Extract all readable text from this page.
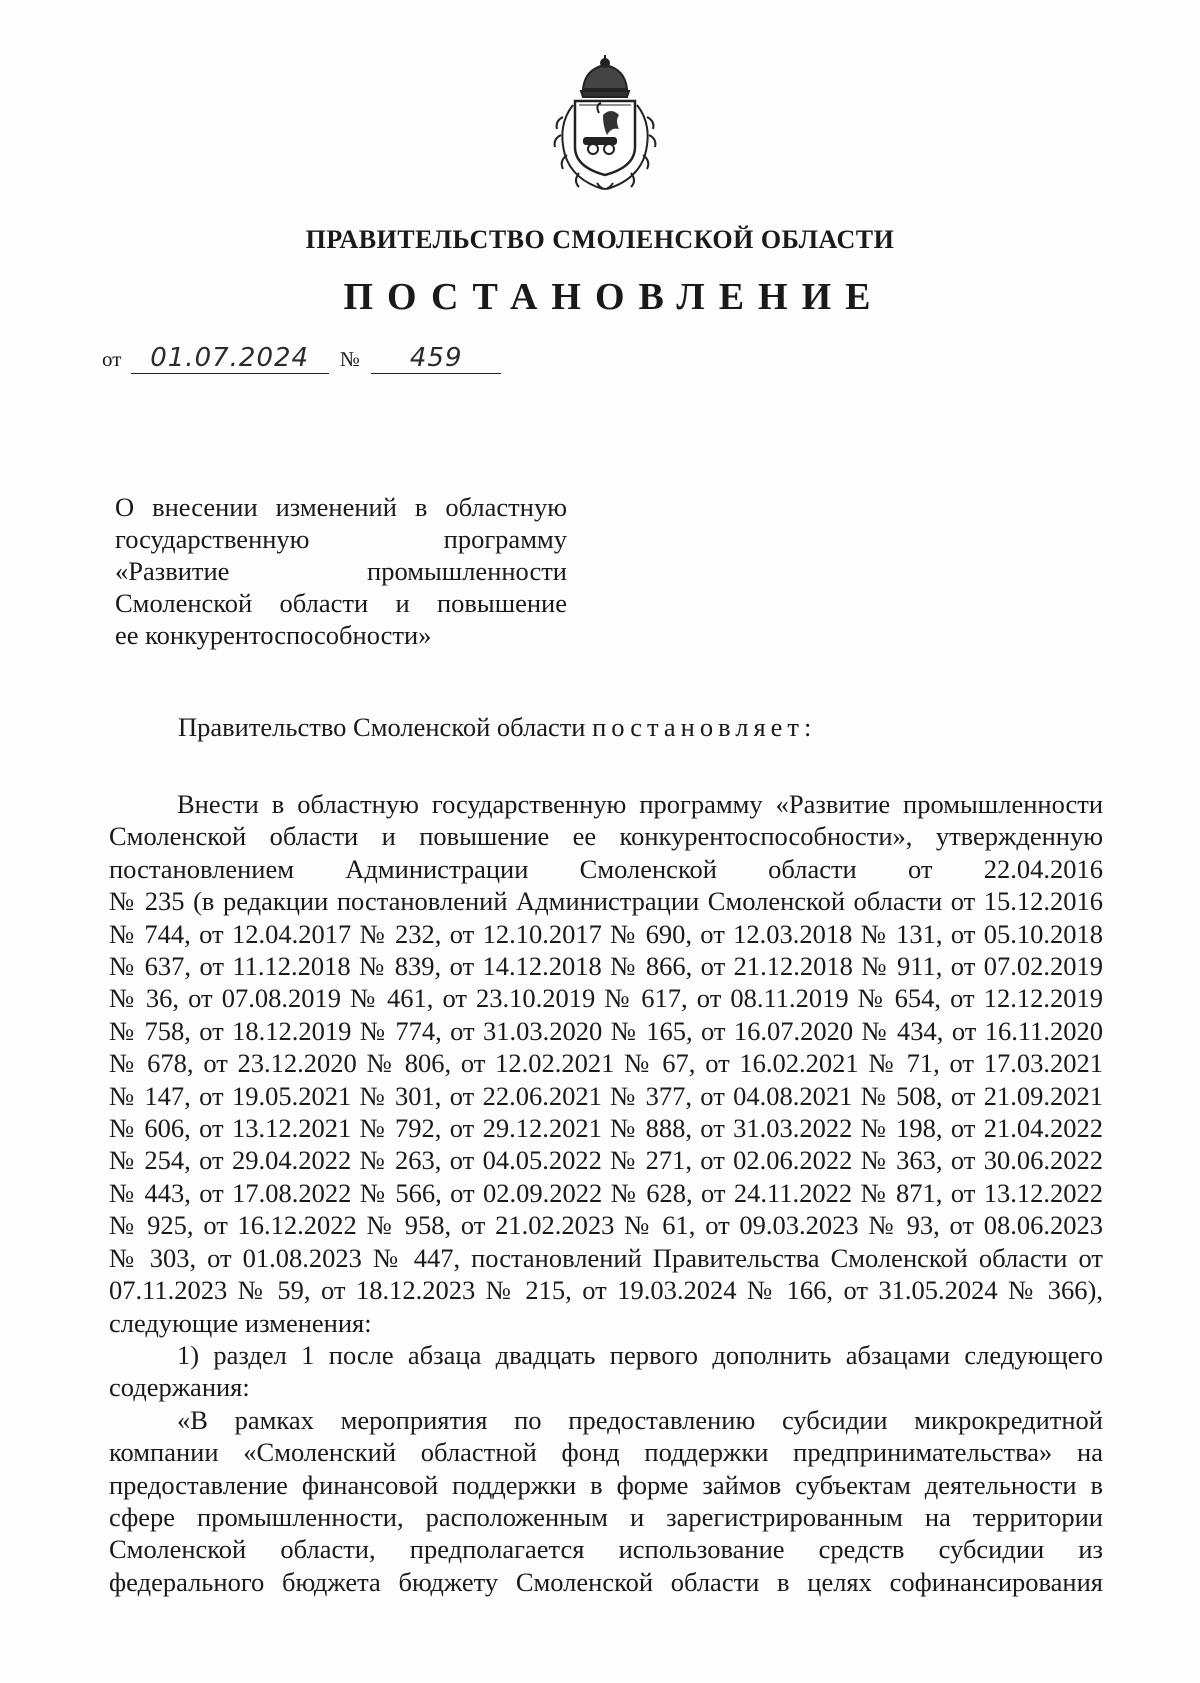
ПРАВИТЕЛЬСТВО СМОЛЕНСКОЙ ОБЛАСТИ
ПОСТАНОВЛЕНИЕ
от 01.07.2024 № 459
О внесении изменений в областную
государственную программу
«Развитие промышленности
Смоленской области и повышение
ее конкурентоспособности»
Правительство Смоленской области постановляет:
Внести в областную государственную программу «Развитие промышленности
Смоленской области и повышение ее конкурентоспособности», утвержденную
постановлением Администрации Смоленской области от 22.04.2016
№ 235 (в редакции постановлений Администрации Смоленской области от 15.12.2016
№ 744, от 12.04.2017 № 232, от 12.10.2017 № 690, от 12.03.2018 № 131, от 05.10.2018
№ 637, от 11.12.2018 № 839, от 14.12.2018 № 866, от 21.12.2018 № 911, от 07.02.2019
№ 36, от 07.08.2019 № 461, от 23.10.2019 № 617, от 08.11.2019 № 654, от 12.12.2019
№ 758, от 18.12.2019 № 774, от 31.03.2020 № 165, от 16.07.2020 № 434, от 16.11.2020
№ 678, от 23.12.2020 № 806, от 12.02.2021 № 67, от 16.02.2021 № 71, от 17.03.2021
№ 147, от 19.05.2021 № 301, от 22.06.2021 № 377, от 04.08.2021 № 508, от 21.09.2021
№ 606, от 13.12.2021 № 792, от 29.12.2021 № 888, от 31.03.2022 № 198, от 21.04.2022
№ 254, от 29.04.2022 № 263, от 04.05.2022 № 271, от 02.06.2022 № 363, от 30.06.2022
№ 443, от 17.08.2022 № 566, от 02.09.2022 № 628, от 24.11.2022 № 871, от 13.12.2022
№ 925, от 16.12.2022 № 958, от 21.02.2023 № 61, от 09.03.2023 № 93, от 08.06.2023
№ 303, от 01.08.2023 № 447, постановлений Правительства Смоленской области от
07.11.2023 № 59, от 18.12.2023 № 215, от 19.03.2024 № 166, от 31.05.2024 № 366),
следующие изменения:
1) раздел 1 после абзаца двадцать первого дополнить абзацами следующего
содержания:
«В рамках мероприятия по предоставлению субсидии микрокредитной
компании «Смоленский областной фонд поддержки предпринимательства» на
предоставление финансовой поддержки в форме займов субъектам деятельности в
сфере промышленности, расположенным и зарегистрированным на территории
Смоленской области, предполагается использование средств субсидии из
федерального бюджета бюджету Смоленской области в целях софинансирования
